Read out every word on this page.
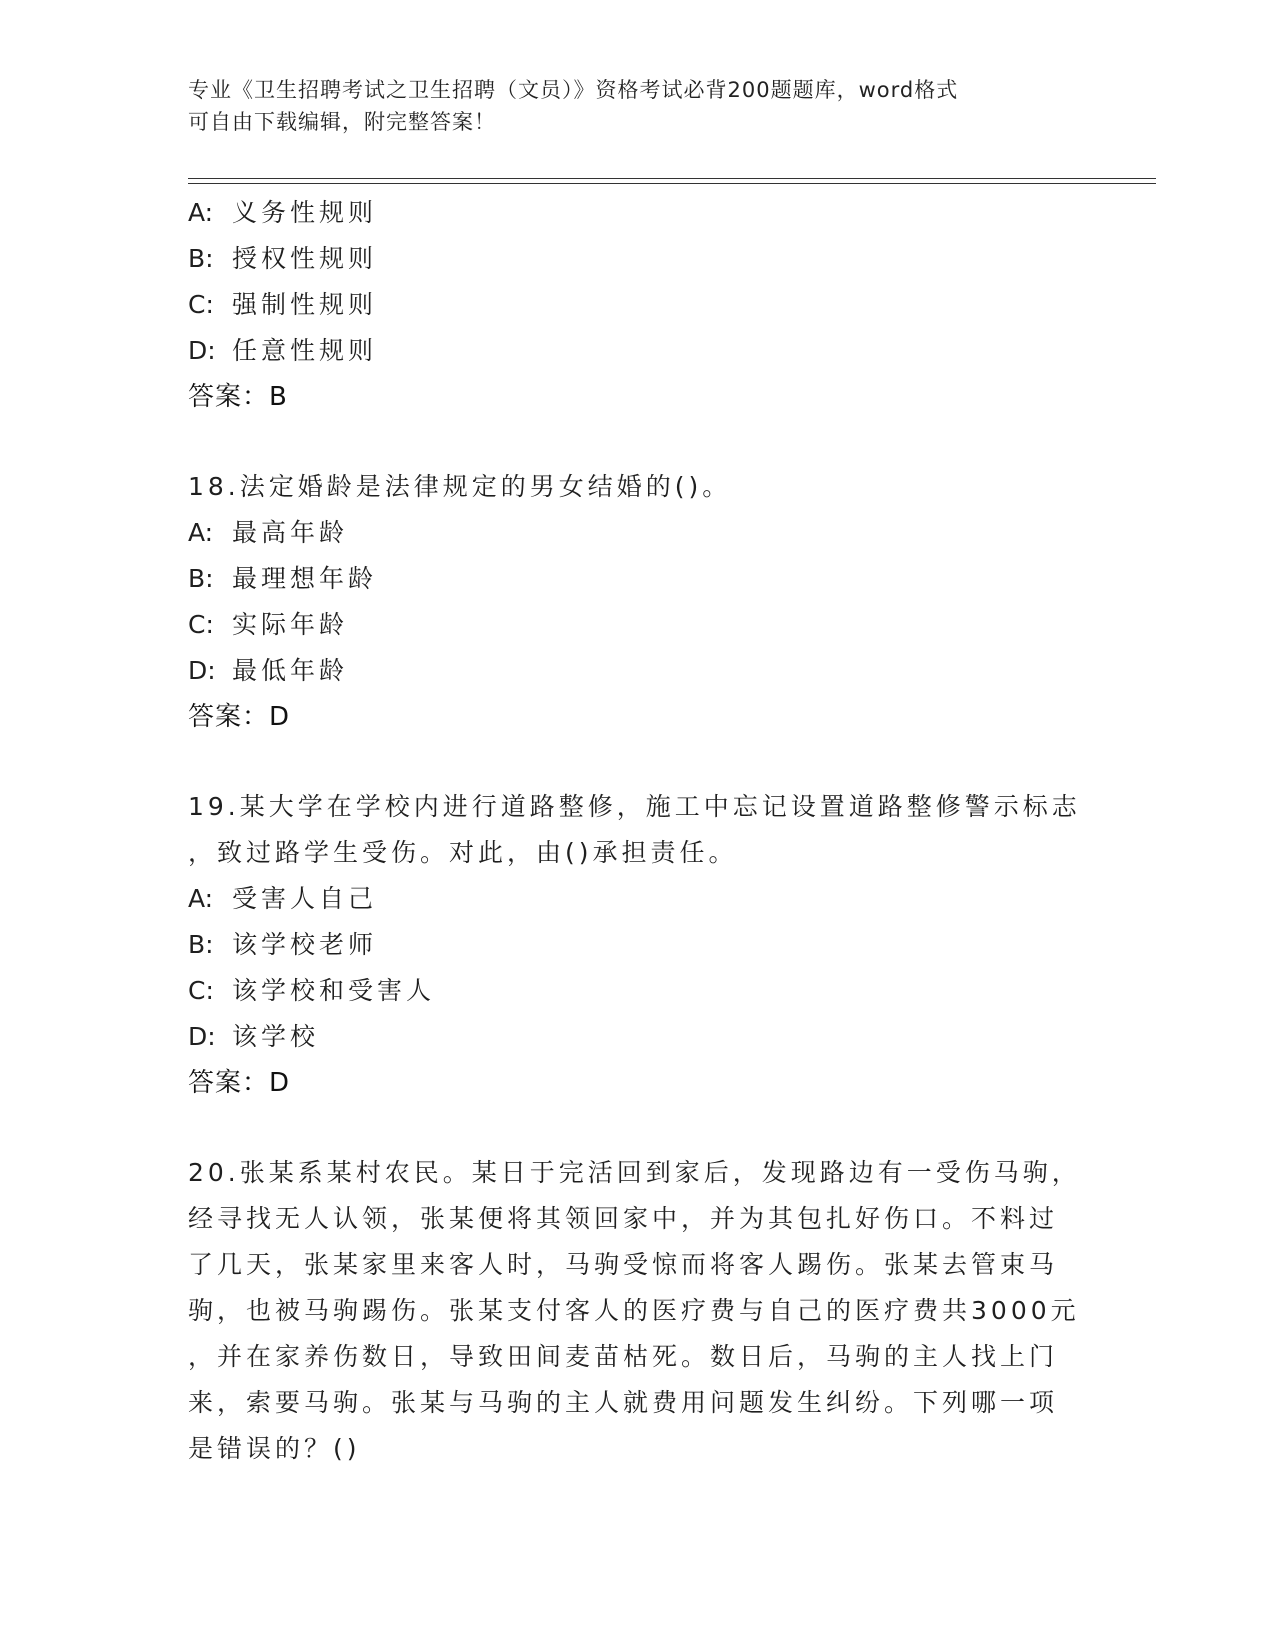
专业《卫生招聘考试之卫生招聘（文员）》资格考试必背200题题库，word格式
可自由下载编辑，附完整答案！
A: 义务性规则
B: 授权性规则
C: 强制性规则
D: 任意性规则
答案：B
18.法定婚龄是法律规定的男女结婚的()。
A: 最高年龄
B: 最理想年龄
C: 实际年龄
D: 最低年龄
答案：D
19.某大学在学校内进行道路整修，施工中忘记设置道路整修警示标志
，致过路学生受伤。对此，由()承担责任。
A: 受害人自己
B: 该学校老师
C: 该学校和受害人
D: 该学校
答案：D
20.张某系某村农民。某日于完活回到家后，发现路边有一受伤马驹，
经寻找无人认领，张某便将其领回家中，并为其包扎好伤口。不料过
了几天，张某家里来客人时，马驹受惊而将客人踢伤。张某去管束马
驹，也被马驹踢伤。张某支付客人的医疗费与自己的医疗费共3000元
，并在家养伤数日，导致田间麦苗枯死。数日后，马驹的主人找上门
来，索要马驹。张某与马驹的主人就费用问题发生纠纷。下列哪一项
是错误的？()
